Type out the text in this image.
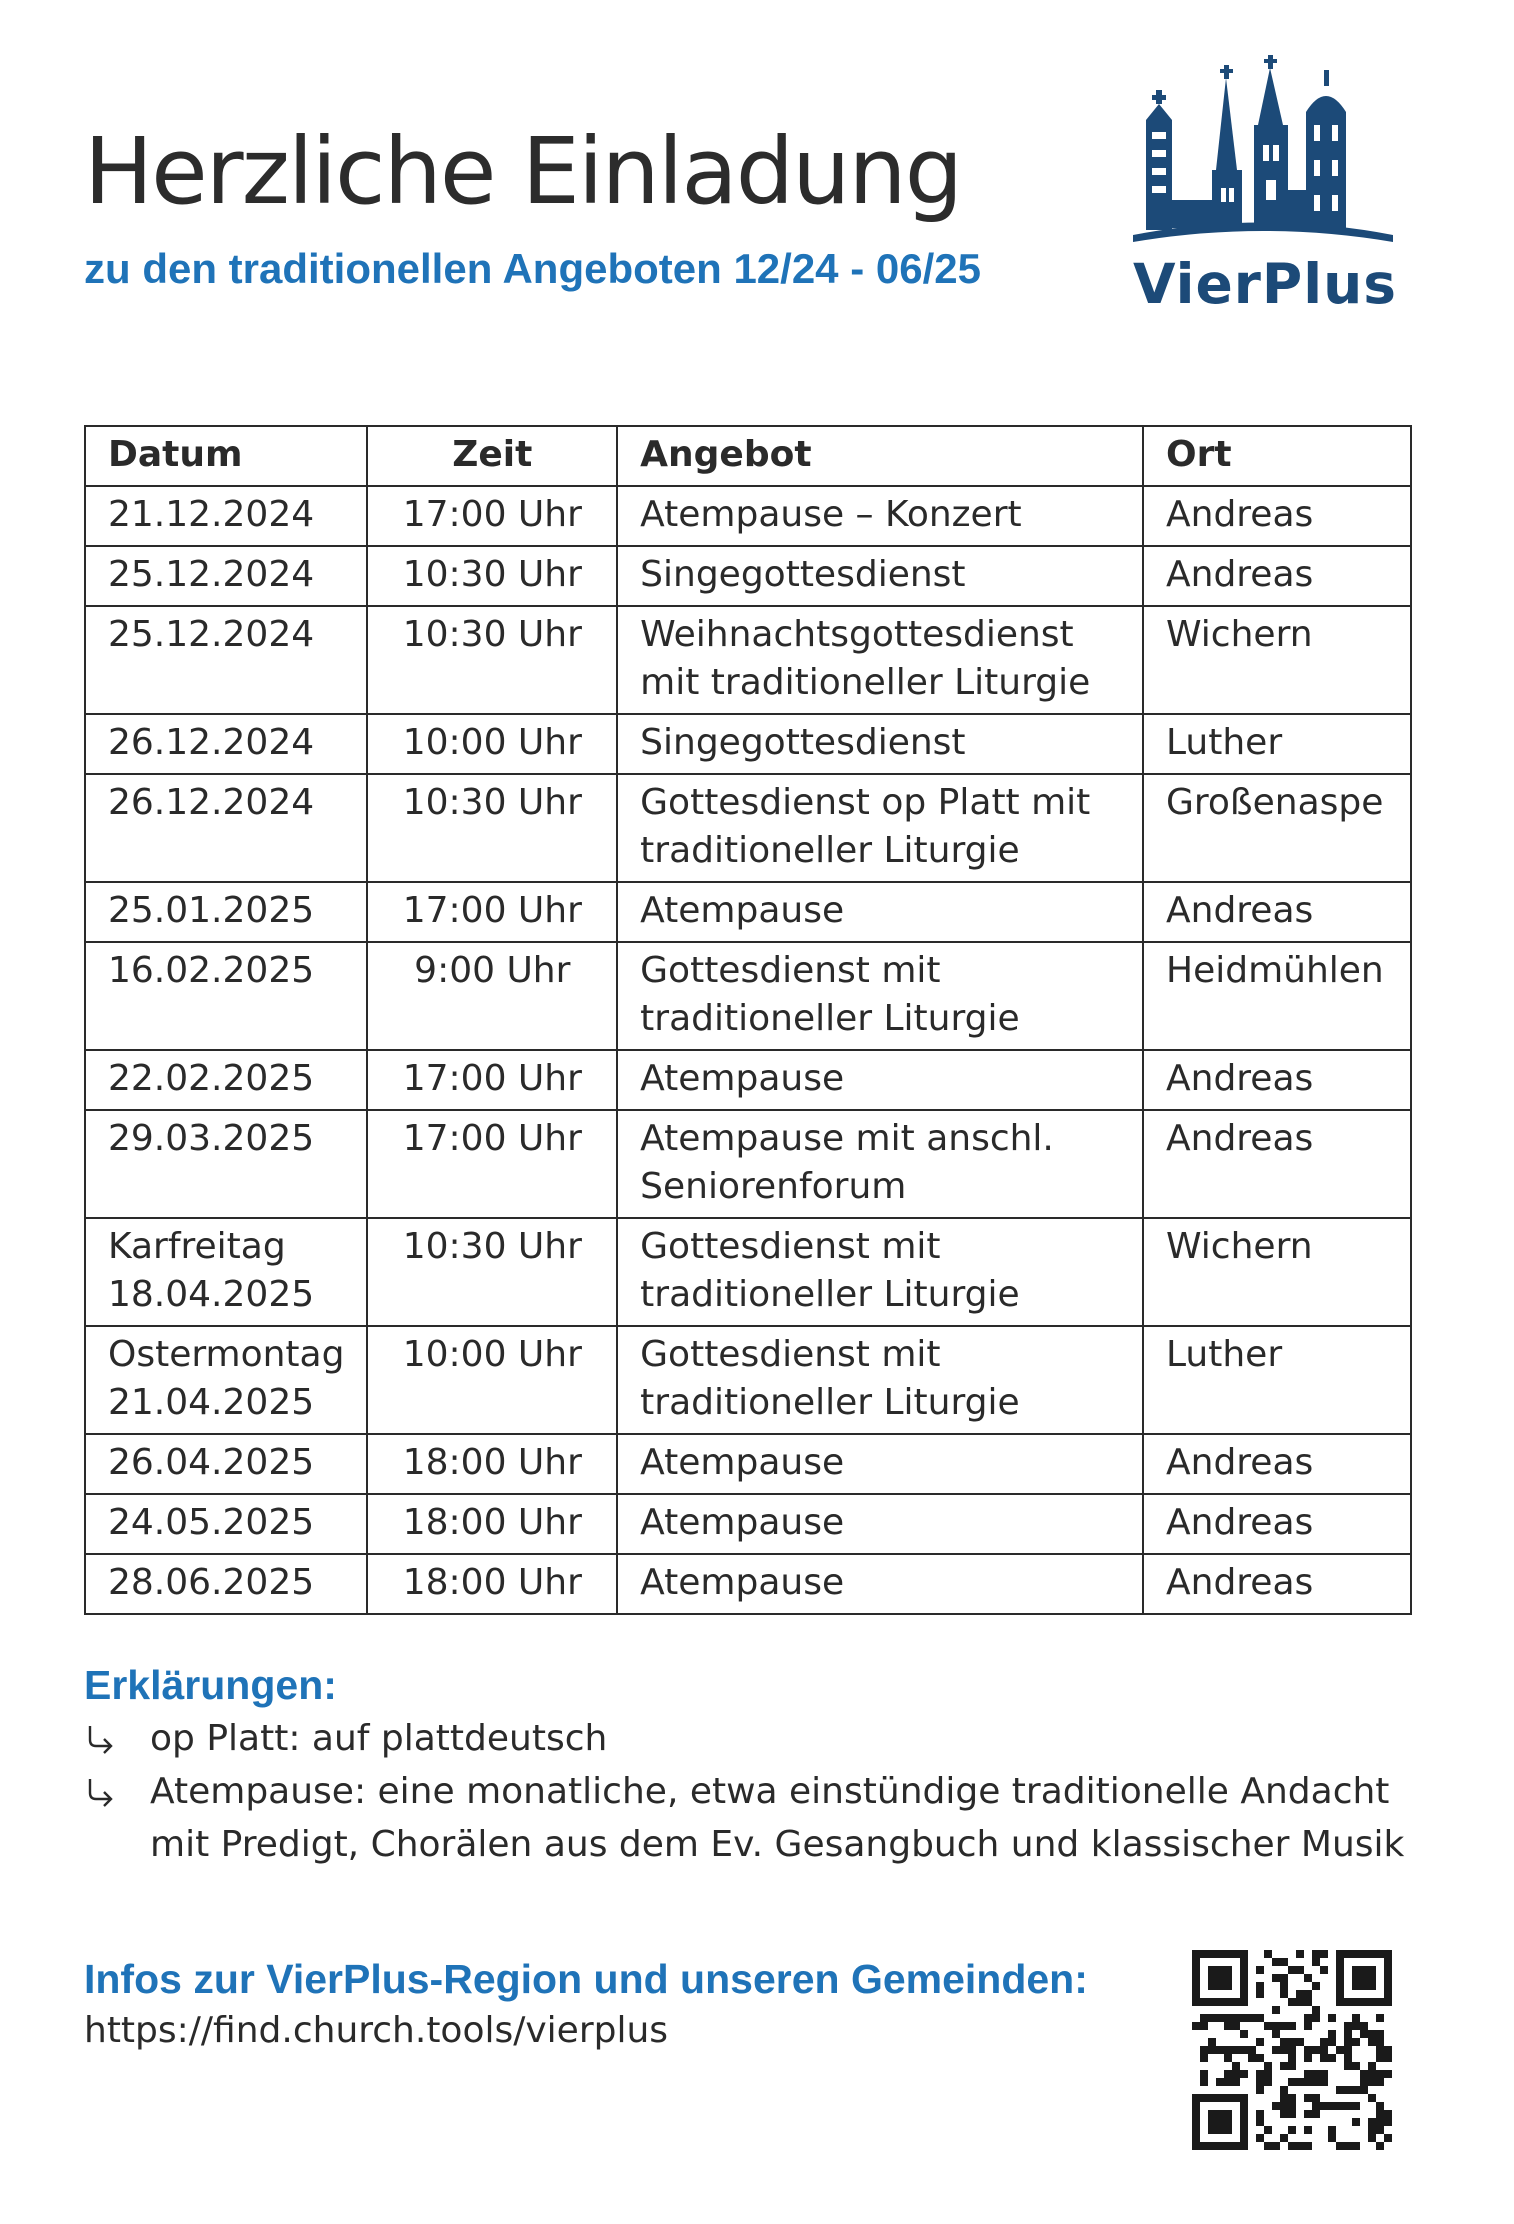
Herzliche Einladung
zu den traditionellen Angeboten 12/24 - 06/25	VierPlus
Datum	Zeit	Angebot	Ort

21.12.2024	17:00 Uhr	Atempause – Konzert	Andreas

25.12.2024	10:30 Uhr	Singegottesdienst	Andreas

25.12.2024	10:30 Uhr	Weihnachtsgottesdienst
mit traditioneller Liturgie	Wichern

26.12.2024	10:00 Uhr	Singegottesdienst	Luther

26.12.2024	10:30 Uhr	Gottesdienst op Platt mit
traditioneller Liturgie	Großenaspe

25.01.2025	17:00 Uhr	Atempause	Andreas

16.02.2025	9:00 Uhr	Gottesdienst mit
traditioneller Liturgie	Heidmühlen

22.02.2025	17:00 Uhr	Atempause	Andreas

29.03.2025	17:00 Uhr	Atempause mit anschl.
Seniorenforum	Andreas

Karfreitag
18.04.2025	10:30 Uhr	Gottesdienst mit
traditioneller Liturgie	Wichern

Ostermontag
21.04.2025	10:00 Uhr	Gottesdienst mit
traditioneller Liturgie	Luther

26.04.2025	18:00 Uhr	Atempause	Andreas

24.05.2025	18:00 Uhr	Atempause	Andreas

28.06.2025	18:00 Uhr	Atempause	Andreas
Erklärungen:
op Platt: auf plattdeutsch
Atempause: eine monatliche, etwa einstündige traditionelle Andacht
mit Predigt, Chorälen aus dem Ev. Gesangbuch und klassischer Musik
Infos zur VierPlus-Region und unseren Gemeinden:
https://find.church.tools/vierplus
